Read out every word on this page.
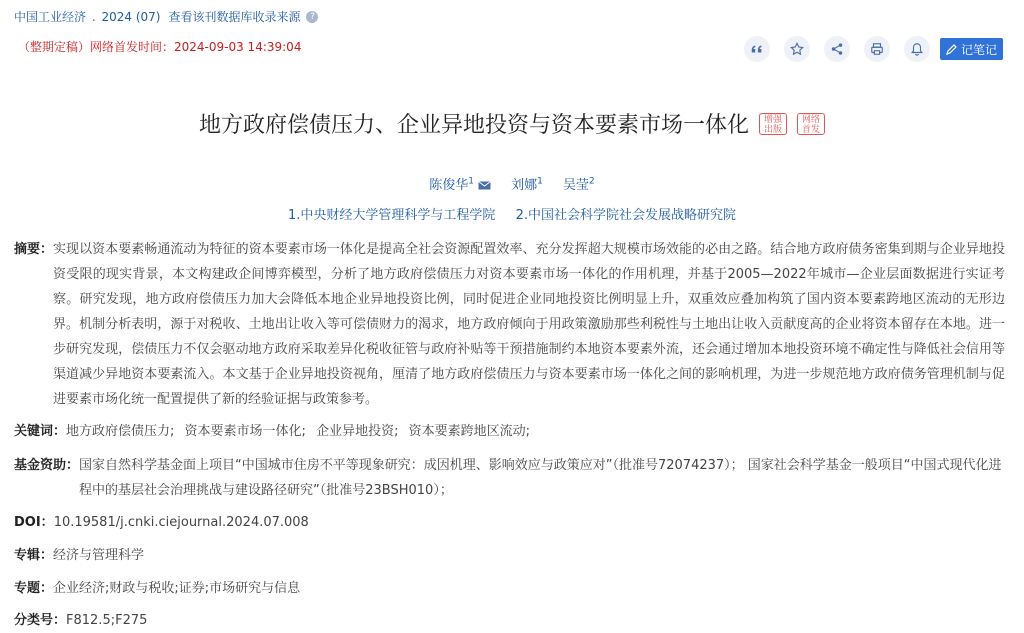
中国工业经济 . 2024 (07) 查看该刊数据库收录来源	?
（整期定稿）网络首发时间：2024-09-03 14:39:04	记笔记
地方政府偿债压力、企业异地投资与资本要素市场一体化	增强出版
网络首发
陈俊华$^1$	刘娜$^1$ 吴莹$^2$
1.中央财经大学管理科学与工程学院 2.中国社会科学院社会发展战略研究院
摘要： 实现以资本要素畅通流动为特征的资本要素市场一体化是提高全社会资源配置效率、充分发挥超大规模市场效能的必由之路。结合地方政府债务密集到期与企业异地投资受限的现实背景，本文构建政企间博弈模型，分析了地方政府偿债压力对资本要素市场一体化的作用机理，并基于2005—2022年城市—企业层面数据进行实证考察。研究发现，地方政府偿债压力加大会降低本地企业异地投资比例，同时促进企业同地投资比例明显上升，双重效应叠加构筑了国内资本要素跨地区流动的无形边界。机制分析表明，源于对税收、土地出让收入等可偿债财力的渴求，地方政府倾向于用政策激励那些利税性与土地出让收入贡献度高的企业将资本留存在本地。进一步研究发现，偿债压力不仅会驱动地方政府采取差异化税收征管与政府补贴等干预措施制约本地资本要素外流，还会通过增加本地投资环境不确定性与降低社会信用等渠道减少异地资本要素流入。本文基于企业异地投资视角，厘清了地方政府偿债压力与资本要素市场一体化之间的影响机理，为进一步规范地方政府债务管理机制与促进要素市场化统一配置提供了新的经验证据与政策参考。
关键词： 地方政府偿债压力; 资本要素市场一体化; 企业异地投资; 资本要素跨地区流动;
基金资助： 国家自然科学基金面上项目“中国城市住房不平等现象研究：成因机理、影响效应与政策应对”（批准号72074237）； 国家社会科学基金一般项目“中国式现代化进程中的基层社会治理挑战与建设路径研究”（批准号23BSH010）；
DOI： 10.19581/j.cnki.ciejournal.2024.07.008
专辑： 经济与管理科学
专题： 企业经济;财政与税收;证券;市场研究与信息
分类号： F812.5;F275
